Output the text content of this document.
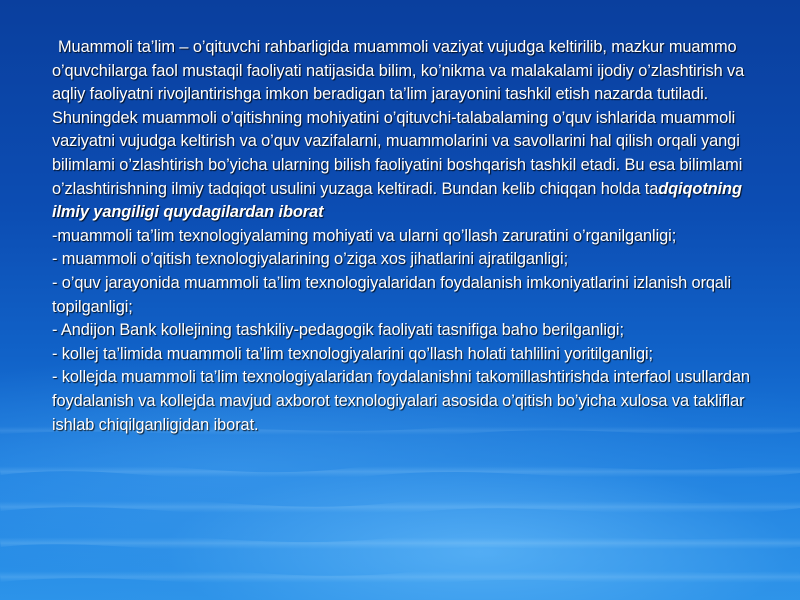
Muammoli ta’lim – o’qituvchi rahbarligida muammoli vaziyat vujudga keltirilib, mazkur muammo o’quvchilarga faol mustaqil faoliyati natijasida bilim, ko’nikma va malakalami ijodiy o’zlashtirish va aqliy faoliyatni rivojlantirishga imkon beradigan ta’lim jarayonini tashkil etish nazarda tutiladi. Shuningdek muammoli o’qitishning mohiyatini o’qituvchi-talabalaming o’quv ishlarida muammoli vaziyatni vujudga keltirish va o’quv vazifalarni, muammolarini va savollarini hal qilish orqali yangi bilimlami o’zlashtirish bo’yicha ularning bilish faoliyatini boshqarish tashkil etadi. Bu esa bilimlami o’zlashtirishning ilmiy tadqiqot usulini yuzaga keltiradi. Bundan kelib chiqqan holda tadqiqotning ilmiy yangiligi quydagilardan iborat

-muammoli ta’lim texnologiyalaming mohiyati va ularni qo’llash zaruratini o’rganilganligi;

- muammoli o’qitish texnologiyalarining o’ziga xos jihatlarini ajratilganligi;

- o’quv jarayonida muammoli ta’lim texnologiyalaridan foydalanish imkoniyatlarini izlanish orqali topilganligi;

- Andijon Bank kollejining tashkiliy-pedagogik faoliyati tasnifiga baho berilganligi;

- kollej ta’limida muammoli ta’lim texnologiyalarini qo’llash holati tahlilini yoritilganligi;

- kollejda muammoli ta’lim texnologiyalaridan foydalanishni takomillashtirishda interfaol usullardan foydalanish va kollejda mavjud axborot texnologiyalari asosida o’qitish bo’yicha xulosa va takliflar ishlab chiqilganligidan iborat.
